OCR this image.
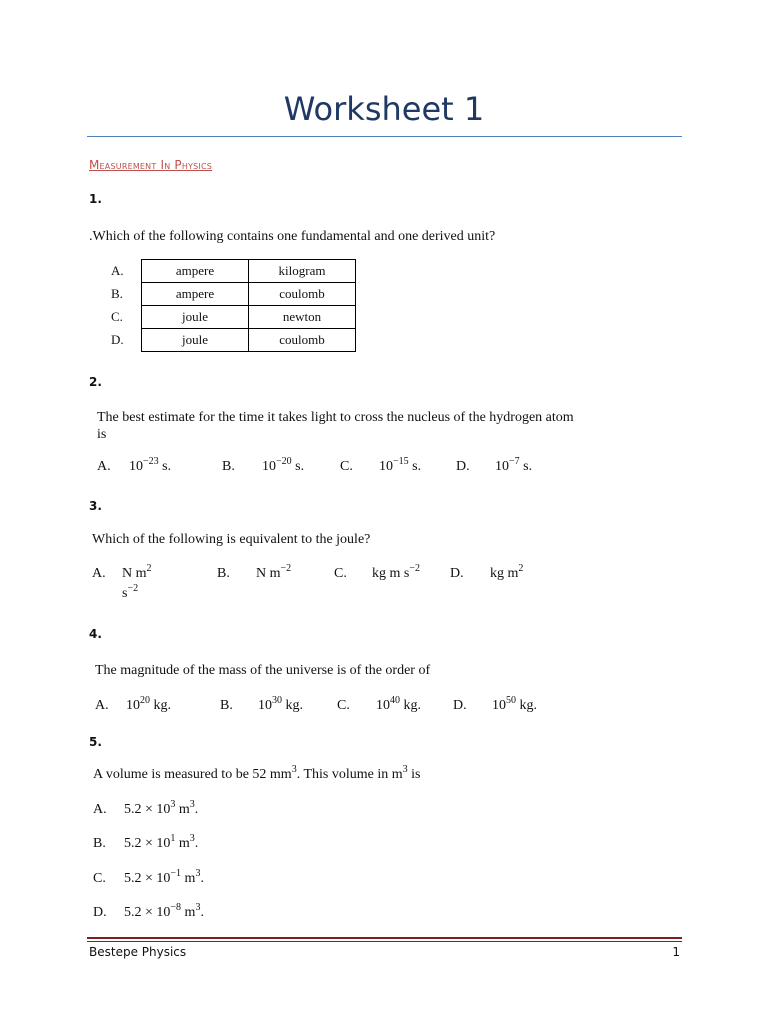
Worksheet 1
Measurement In Physics
1.
.Which of the following contains one fundamental and one derived unit?
A.	ampere	kilogram
B.	ampere	coulomb
C.	joule	newton
D.	joule	coulomb
2.
The best estimate for the time it takes light to cross the nucleus of the hydrogen atom
is
A. $10^{-23}$ s.	B. $10^{-20}$ s.	C. $10^{-15}$ s. D. $10^{-7}$ s.
3.
Which of the following is equivalent to the joule?
A. N $m^2$
$s^{-2}$
B. N $m^{-2}$	C. kg m $s^{-2}$ D. kg $m^2$
4.
The magnitude of the mass of the universe is of the order of
A. $10^{20}$ kg.	B. $10^{30}$ kg. C. $10^{40}$ kg. D. $10^{50}$ kg.
5.
A volume is measured to be 52 $mm^3$. This volume in $m^3$ is
A. $5.2 \times 10^3$ $m^3$.
B. $5.2 \times 10^1$ $m^3$.
C. $5.2 \times 10^{-1}$ $m^3$.
D. $5.2 \times 10^{-8}$ $m^3$.
Bestepe Physics	1
